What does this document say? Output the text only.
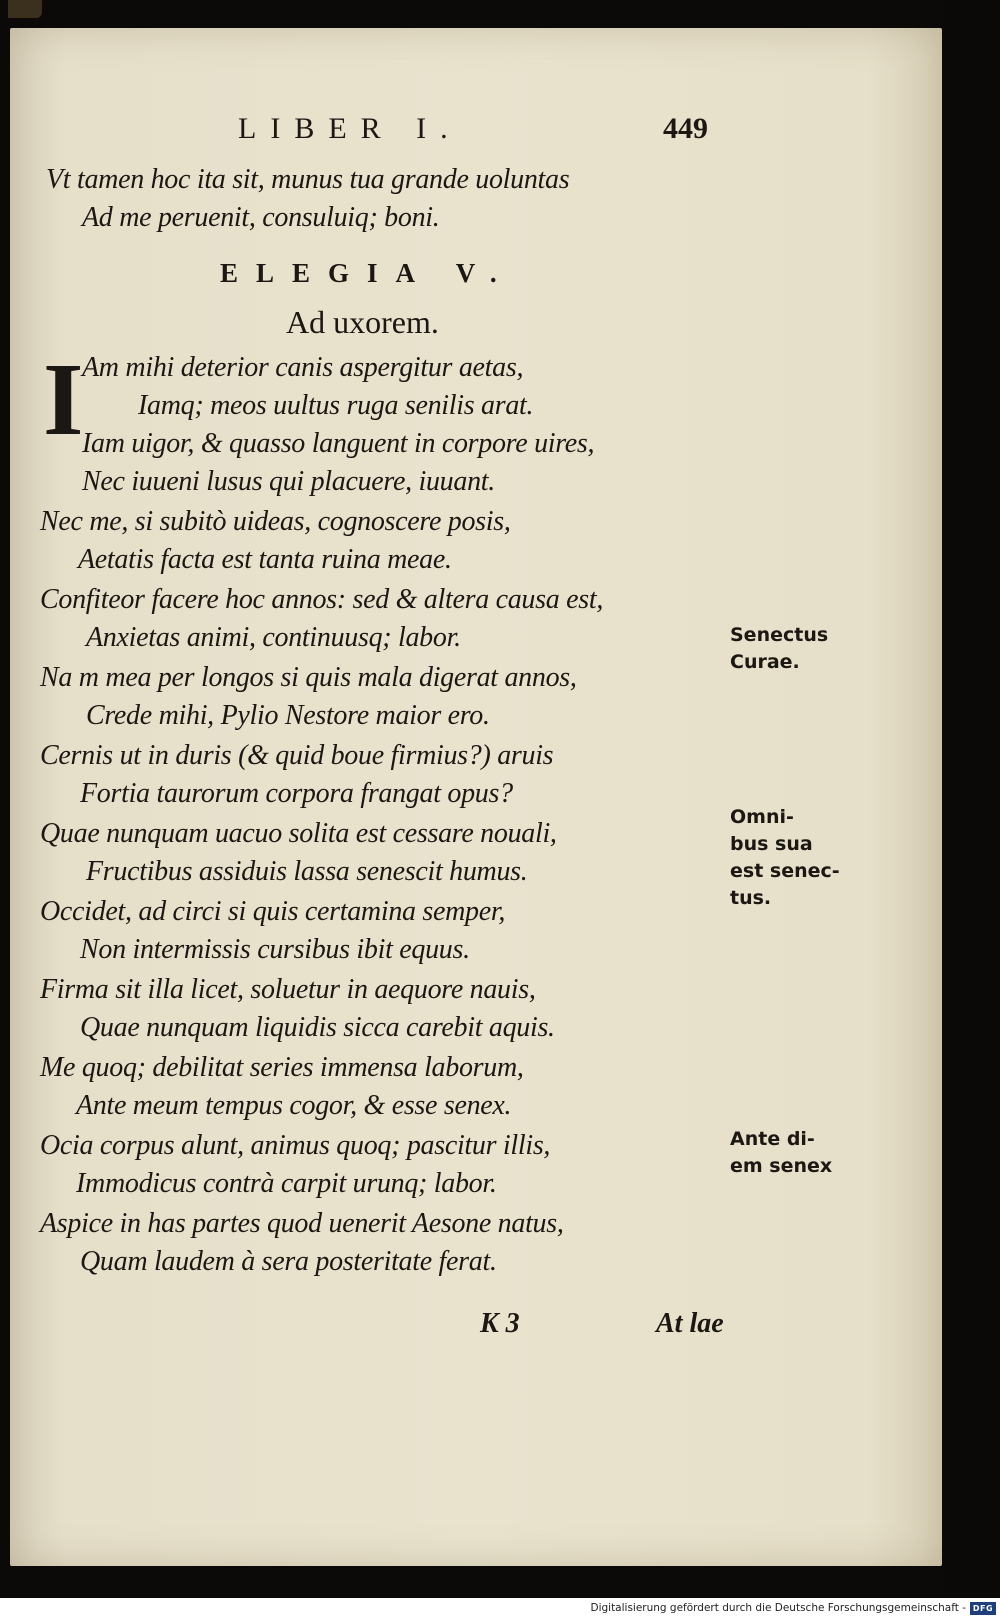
LIBER I.	449
Vt tamen hoc ita sit, munus tua grande uoluntas
Ad me peruenit, consuluiq; boni.
ELEGIA V.
Ad uxorem.
I
Am mihi deterior canis aspergitur aetas,
Iamq; meos uultus ruga senilis arat.
Iam uigor, & quasso languent in corpore uires,
Nec iuueni lusus qui placuere, iuuant.
Nec me, si subitò uideas, cognoscere posis,
Aetatis facta est tanta ruina meae.
Confiteor facere hoc annos: sed & altera causa est,
Anxietas animi, continuusq; labor.
Na m mea per longos si quis mala digerat annos,
Crede mihi, Pylio Nestore maior ero.
Cernis ut in duris (& quid boue firmius?) aruis
Fortia taurorum corpora frangat opus?
Quae nunquam uacuo solita est cessare nouali,
Fructibus assiduis lassa senescit humus.
Occidet, ad circi si quis certamina semper,
Non intermissis cursibus ibit equus.
Firma sit illa licet, soluetur in aequore nauis,
Quae nunquam liquidis sicca carebit aquis.
Me quoq; debilitat series immensa laborum,
Ante meum tempus cogor, & esse senex.
Ocia corpus alunt, animus quoq; pascitur illis,
Immodicus contrà carpit urunq; labor.
Aspice in has partes quod uenerit Aesone natus,
Quam laudem à sera posteritate ferat.
Senectus
Curae.
Omni-
bus sua
est senec-
tus.
Ante di-
em senex
K 3	At lae
Digitalisierung gefördert durch die Deutsche Forschungsgemeinschaft - DFG
